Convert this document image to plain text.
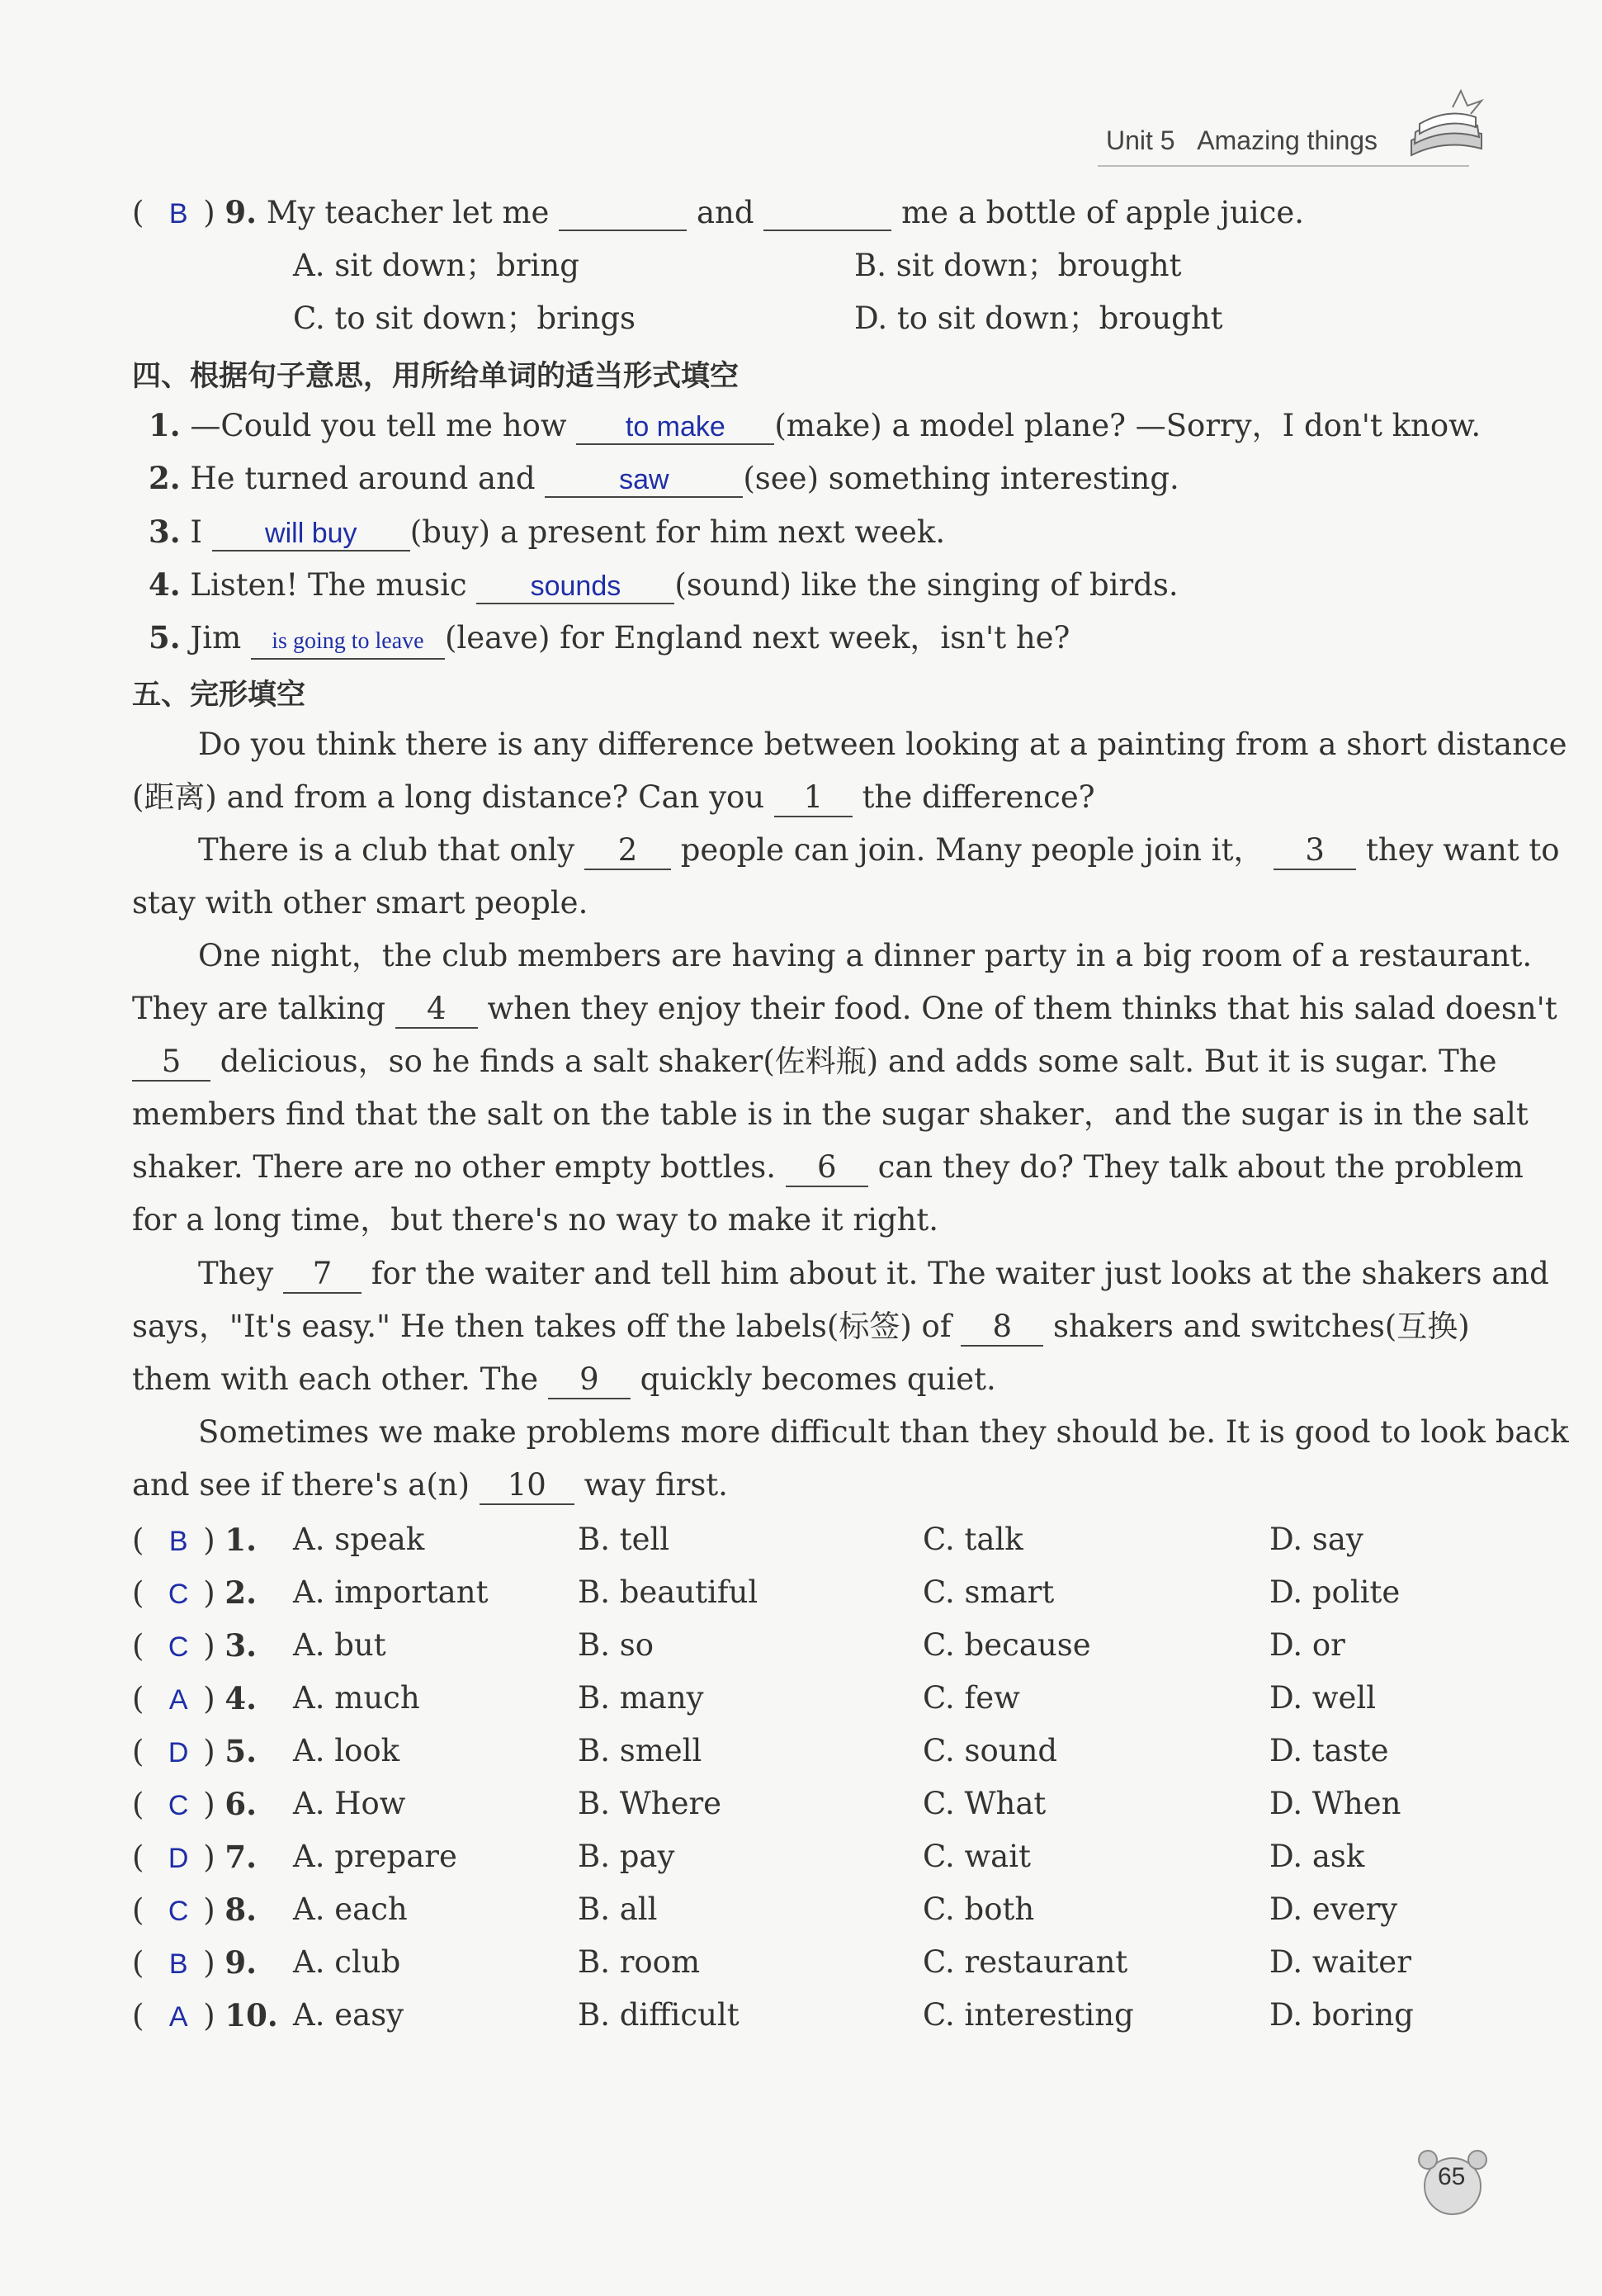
Unit 5 Amazing things
( B ) 9. My teacher let me	and	me a bottle of apple juice.
A. sit down；bring	B. sit down；brought
C. to sit down；brings	D. to sit down；brought
四、根据句子意思，用所给单词的适当形式填空
1. —Could you tell me how to make (make) a model plane? —Sorry，I don't know.
2. He turned around and	saw (see) something interesting.
3. I will buy (buy) a present for him next week.
4. Listen! The music sounds (sound) like the singing of birds.
5. Jim is going to leave (leave) for England next week，isn't he?
五、完形填空
Do you think there is any difference between looking at a painting from a short distance
(距离) and from a long distance? Can you 1 the difference?
There is a club that only 2 people can join. Many people join it， 3 they want to
stay with other smart people.
One night，the club members are having a dinner party in a big room of a restaurant.
They are talking 4 when they enjoy their food. One of them thinks that his salad doesn't
5 delicious，so he finds a salt shaker(佐料瓶) and adds some salt. But it is sugar. The
members find that the salt on the table is in the sugar shaker，and the sugar is in the salt
shaker. There are no other empty bottles. 6 can they do? They talk about the problem
for a long time，but there's no way to make it right.
They 7 for the waiter and tell him about it. The waiter just looks at the shakers and
says，"It's easy." He then takes off the labels(标签) of 8 shakers and switches(互换)
them with each other. The 9 quickly becomes quiet.
Sometimes we make problems more difficult than they should be. It is good to look back
and see if there's a(n) 10 way first.
( B ) 1.	A. speak	B. tell	C. talk	D. say
( C ) 2.	A. important	B. beautiful	C. smart	D. polite
( C ) 3.	A. but	B. so	C. because	D. or
( A ) 4.	A. much	B. many	C. few	D. well
( D ) 5.	A. look	B. smell	C. sound	D. taste
( C ) 6.	A. How	B. Where	C. What	D. When
( D ) 7.	A. prepare	B. pay	C. wait	D. ask
( C ) 8.	A. each	B. all	C. both	D. every
( B ) 9.	A. club	B. room	C. restaurant	D. waiter
( A ) 10. A. easy	B. difficult	C. interesting	D. boring
65
